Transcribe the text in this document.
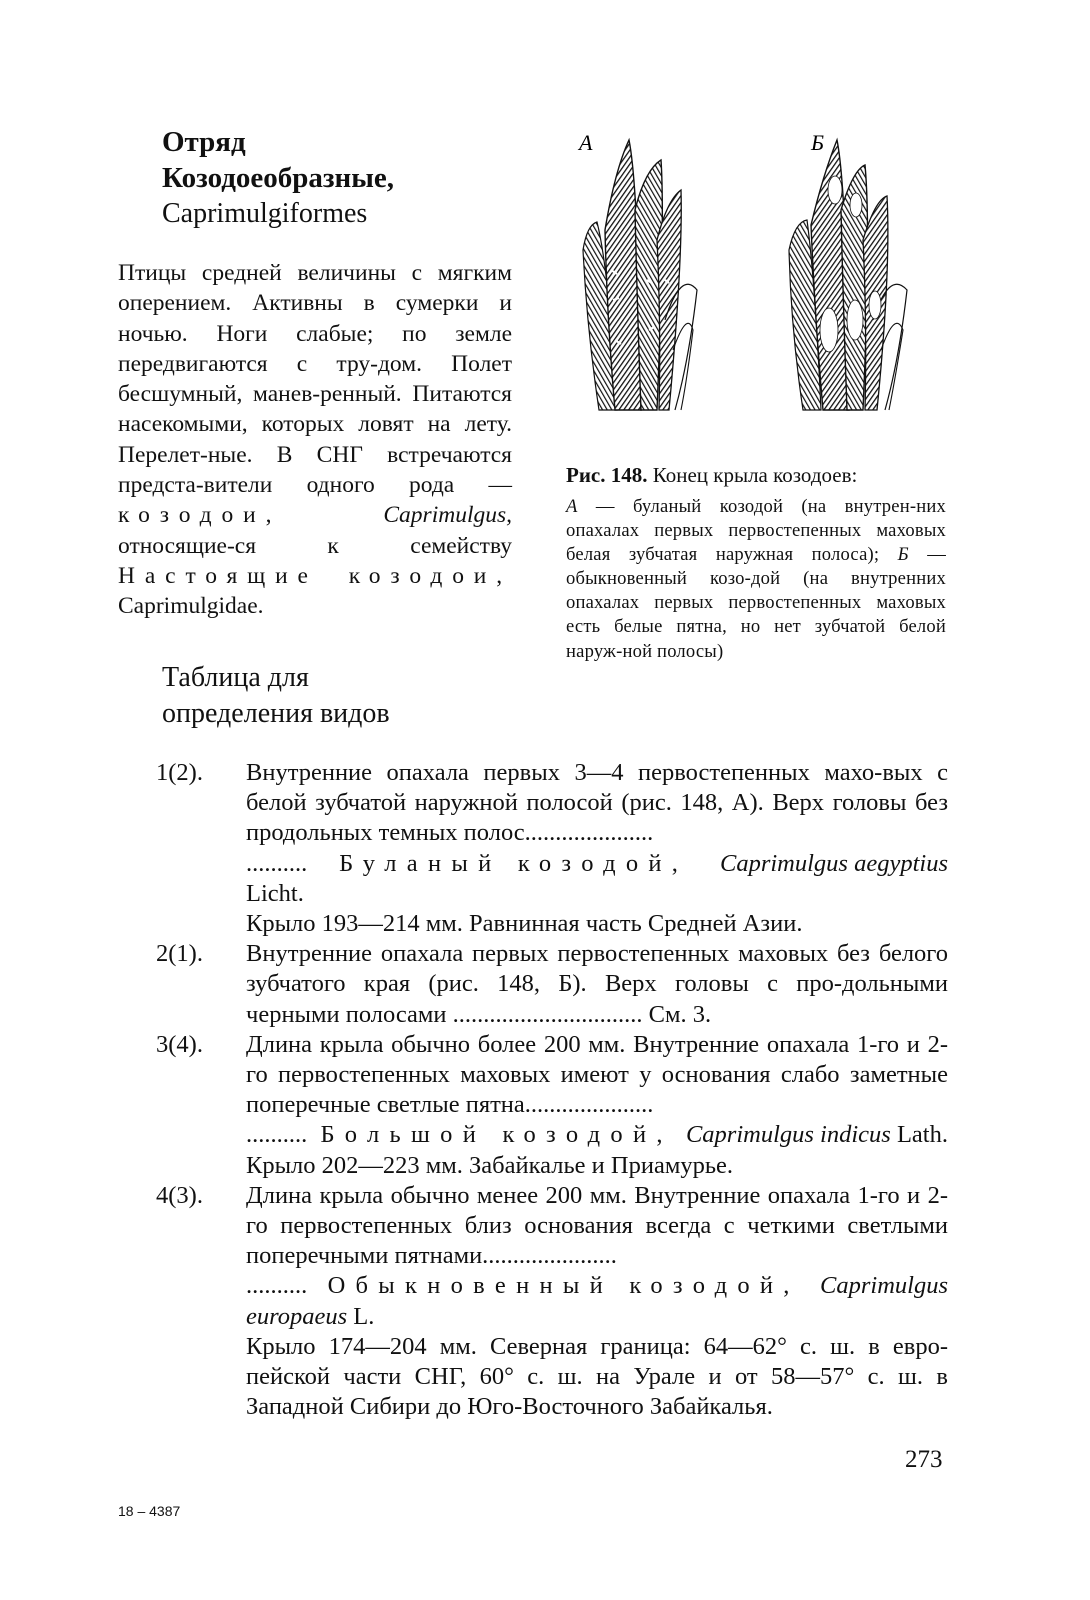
Отряд
Козодоеобразные,
Caprimulgiformes
Птицы средней величины с мягким оперением. Активны в сумерки и ночью. Ноги слабые; по земле передвигаются с тру-дом. Полет бесшумный, манев-ренный. Питаются насекомыми, которых ловят на лету. Перелет-ные. В СНГ встречаются предста-вители одного рода — козодои,	Caprimulgus, относящие-ся к семейству Настоящие козодои, Caprimulgidae.
Таблица для
определения видов
А	Б
Рис. 148. Конец крыла козодоев:
А — буланый козодой (на внутрен-них опахалах первых первостепенных маховых белая зубчатая наружная полоса); Б — обыкновенный козо-дой (на внутренних опахалах первых первостепенных маховых есть белые пятна, но нет зубчатой белой наруж-ной полосы)
1(2).	Внутренние опахала первых 3—4 первостепенных махо-вых с белой зубчатой наружной полосой (рис. 148, А). Верх головы без продольных темных полос.....................
.......... Буланый козодой, Caprimulgus aegyptius
Licht.
Крыло 193—214 мм. Равнинная часть Средней Азии.
2(1).	Внутренние опахала первых первостепенных маховых без белого зубчатого края (рис. 148, Б). Верх головы с про-дольными черными полосами ............................... См. 3.
3(4).	Длина крыла обычно более 200 мм. Внутренние опахала 1-го и 2-го первостепенных маховых имеют у основания слабо заметные поперечные светлые пятна.....................
.......... Большой козодой, Caprimulgus indicus Lath.
Крыло 202—223 мм. Забайкалье и Приамурье.
4(3).	Длина крыла обычно менее 200 мм. Внутренние опахала 1-го и 2-го первостепенных близ основания всегда с четкими светлыми поперечными пятнами......................
.......... Обыкновенный козодой, Caprimulgus
europaeus L.
Крыло 174—204 мм. Северная граница: 64—62° с. ш. в евро-пейской части СНГ, 60° с. ш. на Урале и от 58—57° с. ш. в Западной Сибири до Юго-Восточного Забайкалья.
273
18 – 4387
